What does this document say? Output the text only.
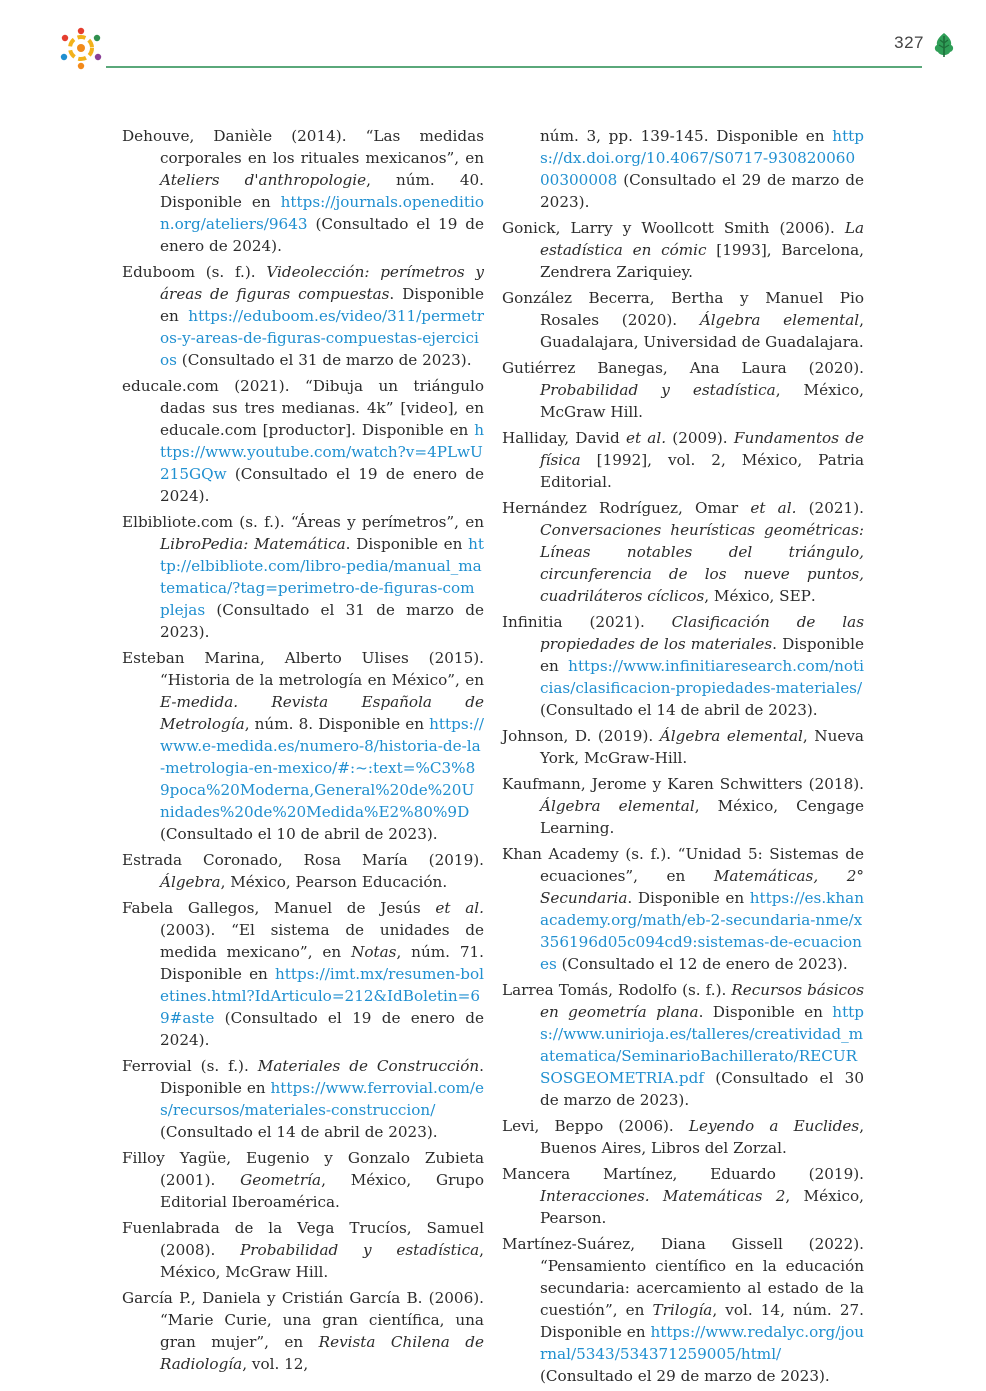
327

Dehouve, Danièle (2014). “Las medidas corporales en los rituales mexicanos”, en Ateliers d'anthropologie, núm. 40. Disponible en https://journals.openedition.org/ateliers/9643 (Consultado el 19 de enero de 2024).

Eduboom (s. f.). Videolección: perímetros y áreas de figuras compuestas. Disponible en https://eduboom.es/video/311/permetros-y-areas-de-figuras-compuestas-ejercicios (Consultado el 31 de marzo de 2023).

educale.com (2021). “Dibuja un triángulo dadas sus tres medianas. 4k” [video], en educale.com [productor]. Disponible en https://www.youtube.com/watch?v=4PLwU215GQw (Consultado el 19 de enero de 2024).

Elbibliote.com (s. f.). “Áreas y perímetros”, en LibroPedia: Matemática. Disponible en http://elbibliote.com/libro-pedia/manual_matematica/?tag=perimetro-de-figuras-complejas (Consultado el 31 de marzo de 2023).

Esteban Marina, Alberto Ulises (2015). “Historia de la metrología en México”, en E-medida. Revista Española de Metrología, núm. 8. Disponible en https://www.e-medida.es/numero-8/historia-de-la-metrologia-en-mexico/#:~:text=%C3%89poca%20Moderna,General%20de%20Unidades%20de%20Medida%E2%80%9D (Consultado el 10 de abril de 2023).

Estrada Coronado, Rosa María (2019). Álgebra, México, Pearson Educación.

Fabela Gallegos, Manuel de Jesús et al. (2003). “El sistema de unidades de medida mexicano”, en Notas, núm. 71. Disponible en https://imt.mx/resumen-boletines.html?IdArticulo=212&IdBoletin=69#aste (Consultado el 19 de enero de 2024).

Ferrovial (s. f.). Materiales de Construcción. Disponible en https://www.ferrovial.com/es/recursos/materiales-construccion/ (Consultado el 14 de abril de 2023).

Filloy Yagüe, Eugenio y Gonzalo Zubieta (2001). Geometría, México, Grupo Editorial Iberoamérica.

Fuenlabrada de la Vega Trucíos, Samuel (2008). Probabilidad y estadística, México, McGraw Hill.

García P., Daniela y Cristián García B. (2006). “Marie Curie, una gran científica, una gran mujer”, en Revista Chilena de Radiología, vol. 12,

núm. 3, pp. 139-145. Disponible en https://dx.doi.org/10.4067/S0717-93082006000300008 (Consultado el 29 de marzo de 2023).

Gonick, Larry y Woollcott Smith (2006). La estadística en cómic [1993], Barcelona, Zendrera Zariquiey.

González Becerra, Bertha y Manuel Pio Rosales (2020). Álgebra elemental, Guadalajara, Universidad de Guadalajara.

Gutiérrez Banegas, Ana Laura (2020). Probabilidad y estadística, México, McGraw Hill.

Halliday, David et al. (2009). Fundamentos de física [1992], vol. 2, México, Patria Editorial.

Hernández Rodríguez, Omar et al. (2021). Conversaciones heurísticas geométricas: Líneas notables del triángulo, circunferencia de los nueve puntos, cuadriláteros cíclicos, México, SEP.

Infinitia (2021). Clasificación de las propiedades de los materiales. Disponible en https://www.infinitiaresearch.com/noticias/clasificacion-propiedades-materiales/ (Consultado el 14 de abril de 2023).

Johnson, D. (2019). Álgebra elemental, Nueva York, McGraw-Hill.

Kaufmann, Jerome y Karen Schwitters (2018). Álgebra elemental, México, Cengage Learning.

Khan Academy (s. f.). “Unidad 5: Sistemas de ecuaciones”, en Matemáticas, 2° Secundaria. Disponible en https://es.khanacademy.org/math/eb-2-secundaria-nme/x356196d05c094cd9:sistemas-de-ecuaciones (Consultado el 12 de enero de 2023).

Larrea Tomás, Rodolfo (s. f.). Recursos básicos en geometría plana. Disponible en https://www.unirioja.es/talleres/creatividad_matematica/SeminarioBachillerato/RECURSOSGEOMETRIA.pdf (Consultado el 30 de marzo de 2023).

Levi, Beppo (2006). Leyendo a Euclides, Buenos Aires, Libros del Zorzal.

Mancera Martínez, Eduardo (2019). Interacciones. Matemáticas 2, México, Pearson.

Martínez-Suárez, Diana Gissell (2022). “Pensamiento científico en la educación secundaria: acercamiento al estado de la cuestión”, en Trilogía, vol. 14, núm. 27. Disponible en https://www.redalyc.org/journal/5343/534371259005/html/ (Consultado el 29 de marzo de 2023).
